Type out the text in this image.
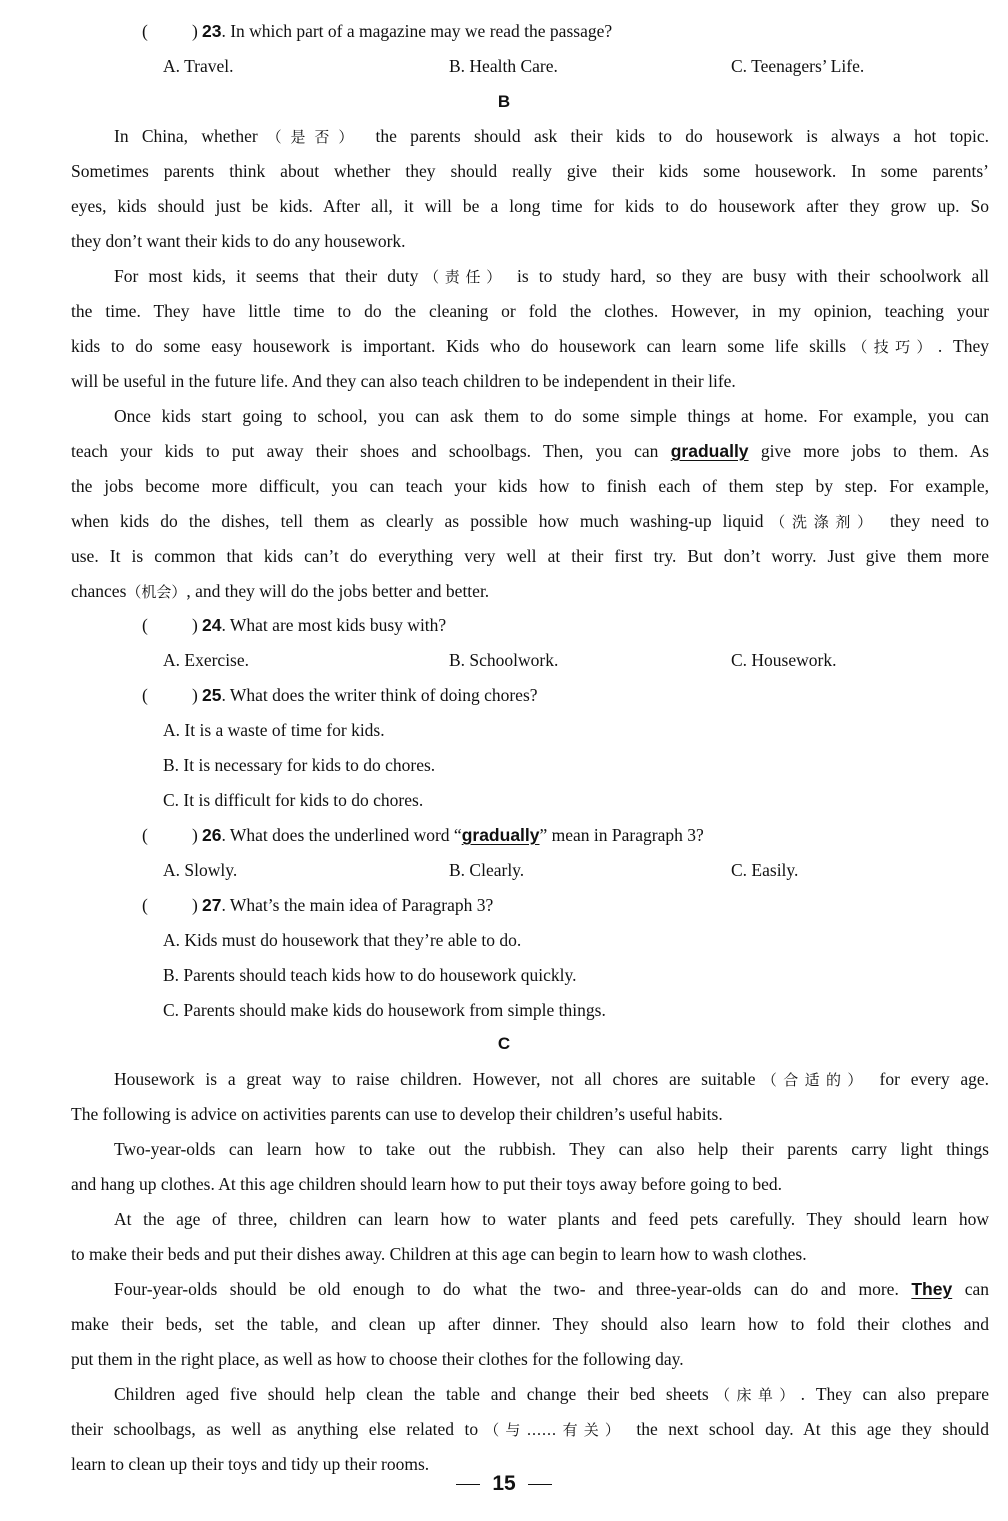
(	) 23. In which part of a magazine may we read the passage?
A. Travel.	B. Health Care.	C. Teenagers’ Life.
B
In China, whether（是否） the parents should ask their kids to do housework is always a hot topic.
Sometimes parents think about whether they should really give their kids some housework. In some parents’
eyes, kids should just be kids. After all, it will be a long time for kids to do housework after they grow up. So
they don’t want their kids to do any housework.
For most kids, it seems that their duty（责任） is to study hard, so they are busy with their schoolwork all
the time. They have little time to do the cleaning or fold the clothes. However, in my opinion, teaching your
kids to do some easy housework is important. Kids who do housework can learn some life skills（技巧）. They
will be useful in the future life. And they can also teach children to be independent in their life.
Once kids start going to school, you can ask them to do some simple things at home. For example, you can
teach your kids to put away their shoes and schoolbags. Then, you can gradually give more jobs to them. As
the jobs become more difficult, you can teach your kids how to finish each of them step by step. For example,
when kids do the dishes, tell them as clearly as possible how much washing-up liquid（洗涤剂） they need to
use. It is common that kids can’t do everything very well at their first try. But don’t worry. Just give them more
chances（机会）, and they will do the jobs better and better.
(	) 24. What are most kids busy with?
A. Exercise.	B. Schoolwork.	C. Housework.
(	) 25. What does the writer think of doing chores?
A. It is a waste of time for kids.
B. It is necessary for kids to do chores.
C. It is difficult for kids to do chores.
(	) 26. What does the underlined word “gradually” mean in Paragraph 3?
A. Slowly.	B. Clearly.	C. Easily.
(	) 27. What’s the main idea of Paragraph 3?
A. Kids must do housework that they’re able to do.
B. Parents should teach kids how to do housework quickly.
C. Parents should make kids do housework from simple things.
C
Housework is a great way to raise children. However, not all chores are suitable（合适的） for every age.
The following is advice on activities parents can use to develop their children’s useful habits.
Two-year-olds can learn how to take out the rubbish. They can also help their parents carry light things
and hang up clothes. At this age children should learn how to put their toys away before going to bed.
At the age of three, children can learn how to water plants and feed pets carefully. They should learn how
to make their beds and put their dishes away. Children at this age can begin to learn how to wash clothes.
Four-year-olds should be old enough to do what the two- and three-year-olds can do and more. They can
make their beds, set the table, and clean up after dinner. They should also learn how to fold their clothes and
put them in the right place, as well as how to choose their clothes for the following day.
Children aged five should help clean the table and change their bed sheets（床单）. They can also prepare
their schoolbags, as well as anything else related to（与……有关） the next school day. At this age they should
learn to clean up their toys and tidy up their rooms.
15
